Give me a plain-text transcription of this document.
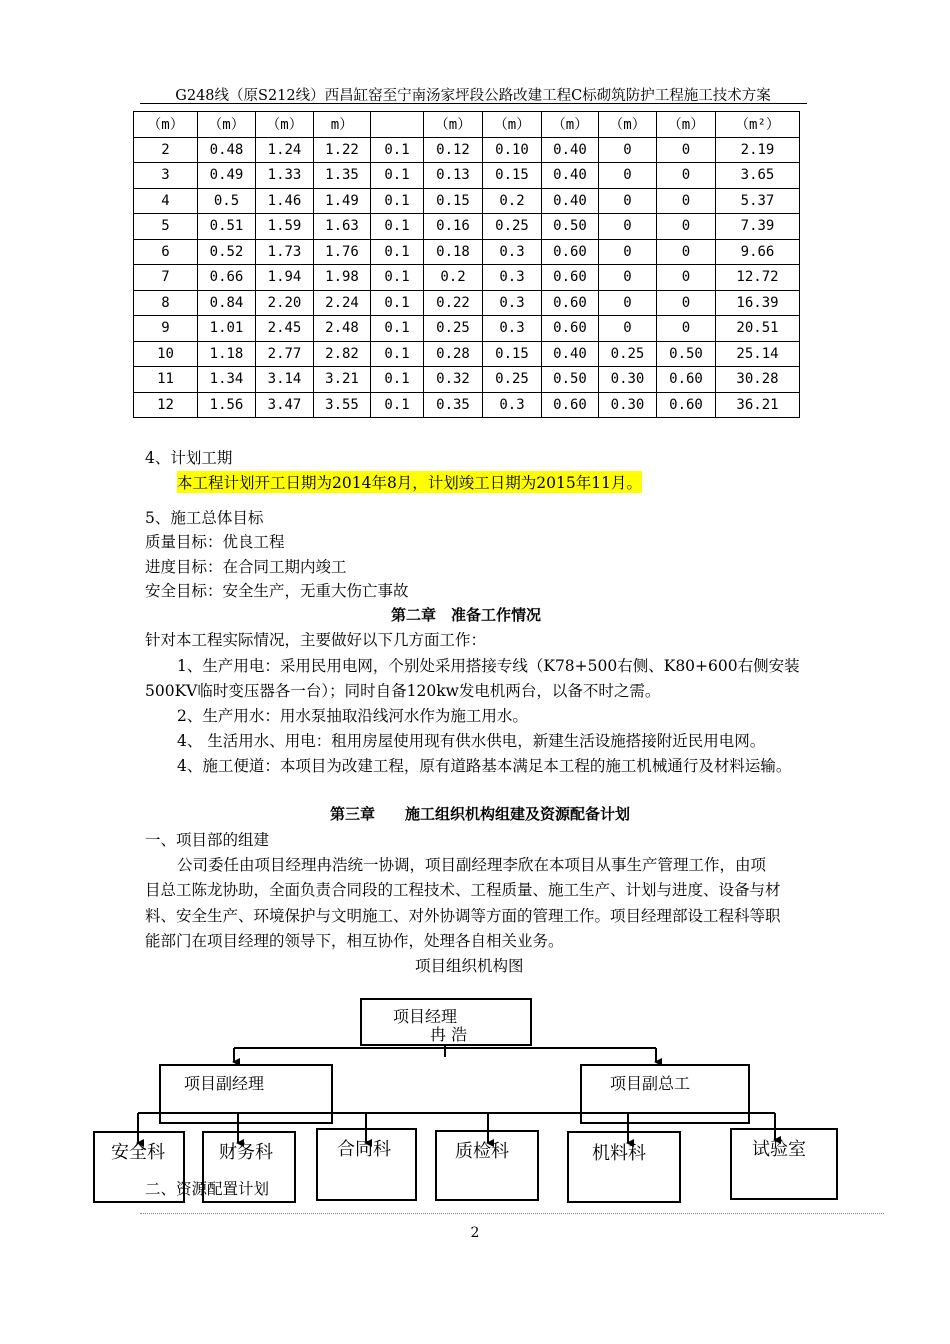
G248线（原S212线）西昌缸窑至宁南汤家坪段公路改建工程C标砌筑防护工程施工技术方案
（m）	（m）	（m）	m）		（m）	（m）	（m）	（m）	（m）	（m²）
2	0.48	1.24	1.22	0.1	0.12	0.10	0.40	0	0	2.19
3	0.49	1.33	1.35	0.1	0.13	0.15	0.40	0	0	3.65
4	0.5	1.46	1.49	0.1	0.15	0.2	0.40	0	0	5.37
5	0.51	1.59	1.63	0.1	0.16	0.25	0.50	0	0	7.39
6	0.52	1.73	1.76	0.1	0.18	0.3	0.60	0	0	9.66
7	0.66	1.94	1.98	0.1	0.2	0.3	0.60	0	0	12.72
8	0.84	2.20	2.24	0.1	0.22	0.3	0.60	0	0	16.39
9	1.01	2.45	2.48	0.1	0.25	0.3	0.60	0	0	20.51
10	1.18	2.77	2.82	0.1	0.28	0.15	0.40	0.25	0.50	25.14
11	1.34	3.14	3.21	0.1	0.32	0.25	0.50	0.30	0.60	30.28
12	1.56	3.47	3.55	0.1	0.35	0.3	0.60	0.30	0.60	36.21
4、计划工期
本工程计划开工日期为2014年8月，计划竣工日期为2015年11月。
5、施工总体目标
质量目标：优良工程
进度目标：在合同工期内竣工
安全目标：安全生产，无重大伤亡事故
第二章　准备工作情况
针对本工程实际情况，主要做好以下几方面工作：
1、生产用电：采用民用电网，个别处采用搭接专线（K78+500右侧、K80+600右侧安装
500KV临时变压器各一台）；同时自备120kw发电机两台，以备不时之需。
2、生产用水：用水泵抽取沿线河水作为施工用水。
4、 生活用水、用电：租用房屋使用现有供水供电，新建生活设施搭接附近民用电网。
4、施工便道：本项目为改建工程，原有道路基本满足本工程的施工机械通行及材料运输。
第三章　　施工组织机构组建及资源配备计划
一、项目部的组建
公司委任由项目经理冉浩统一协调，项目副经理李欣在本项目从事生产管理工作，由项
目总工陈龙协助，全面负责合同段的工程技术、工程质量、施工生产、计划与进度、设备与材
料、安全生产、环境保护与文明施工、对外协调等方面的管理工作。项目经理部设工程科等职
能部门在项目经理的领导下，相互协作，处理各自相关业务。
项目组织机构图
项目经理
冉 浩
项目副经理	项目副总工
安全科	财务科	合同科	质检科	机料科	试验室
二、资源配置计划
2
